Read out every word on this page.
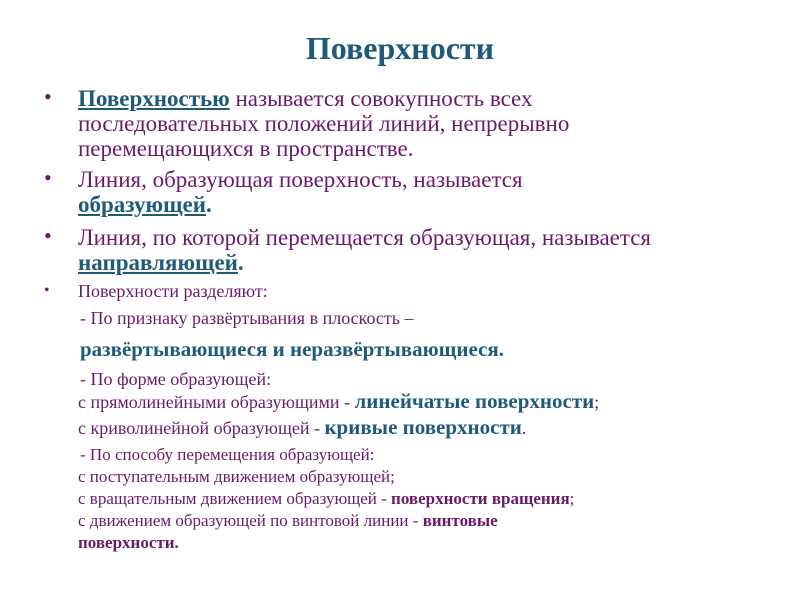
Поверхности
• Поверхностью называется совокупность всех
последовательных положений линий, непрерывно
перемещающихся в пространстве.
• Линия, образующая поверхность, называется
образующей.
• Линия, по которой перемещается образующая, называется
направляющей.
• Поверхности разделяют:
- По признаку развёртывания в плоскость –
развёртывающиеся и неразвёртывающиеся.
- По форме образующей:
с прямолинейными образующими - линейчатые поверхности;
с криволинейной образующей - кривые поверхности.
- По способу перемещения образующей:
с поступательным движением образующей;
с вращательным движением образующей - поверхности вращения;
с движением образующей по винтовой линии - винтовые
поверхности.
